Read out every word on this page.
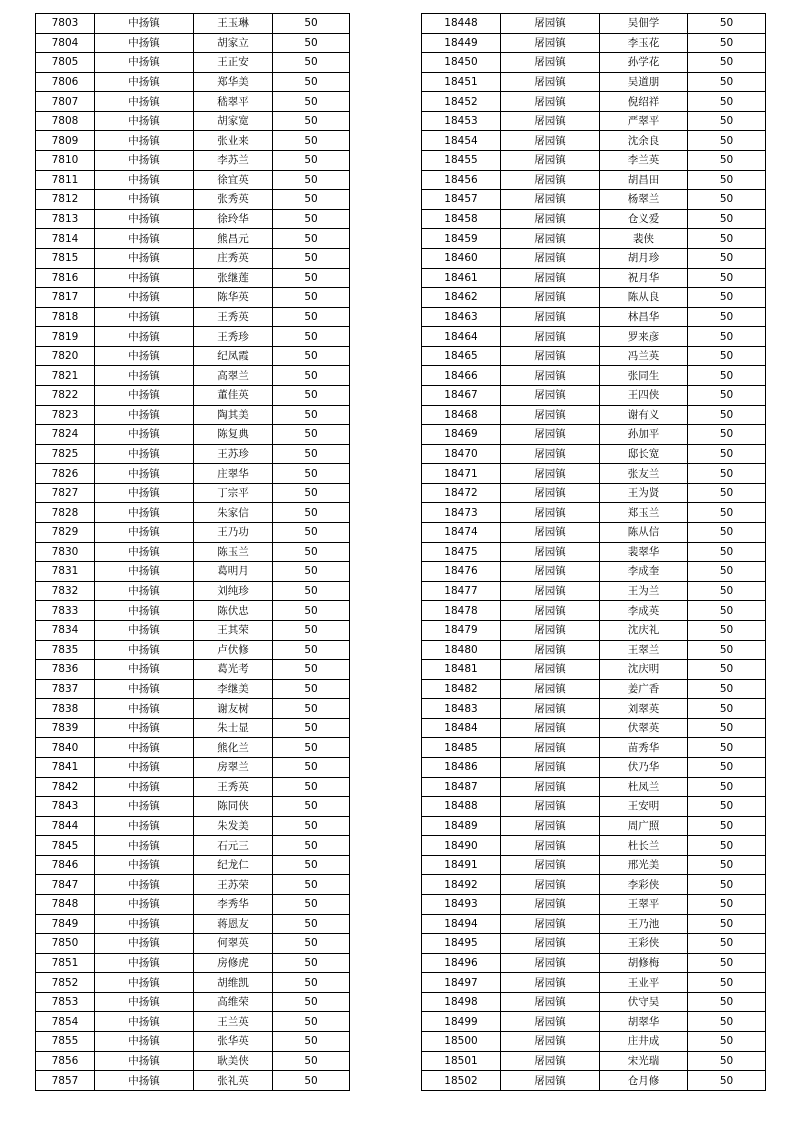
7803	中扬镇	王玉琳	50
7804	中扬镇	胡家立	50
7805	中扬镇	王正安	50
7806	中扬镇	郑华美	50
7807	中扬镇	嵇翠平	50
7808	中扬镇	胡家宽	50
7809	中扬镇	张业来	50
7810	中扬镇	李苏兰	50
7811	中扬镇	徐宜英	50
7812	中扬镇	张秀英	50
7813	中扬镇	徐玲华	50
7814	中扬镇	熊昌元	50
7815	中扬镇	庄秀英	50
7816	中扬镇	张继莲	50
7817	中扬镇	陈华英	50
7818	中扬镇	王秀英	50
7819	中扬镇	王秀珍	50
7820	中扬镇	纪凤霞	50
7821	中扬镇	高翠兰	50
7822	中扬镇	董佳英	50
7823	中扬镇	陶其美	50
7824	中扬镇	陈复典	50
7825	中扬镇	王苏珍	50
7826	中扬镇	庄翠华	50
7827	中扬镇	丁宗平	50
7828	中扬镇	朱家信	50
7829	中扬镇	王乃功	50
7830	中扬镇	陈玉兰	50
7831	中扬镇	葛明月	50
7832	中扬镇	刘纯珍	50
7833	中扬镇	陈伏忠	50
7834	中扬镇	王其荣	50
7835	中扬镇	卢伏修	50
7836	中扬镇	葛光考	50
7837	中扬镇	李继美	50
7838	中扬镇	谢友树	50
7839	中扬镇	朱士显	50
7840	中扬镇	熊化兰	50
7841	中扬镇	房翠兰	50
7842	中扬镇	王秀英	50
7843	中扬镇	陈同侠	50
7844	中扬镇	朱发美	50
7845	中扬镇	石元三	50
7846	中扬镇	纪龙仁	50
7847	中扬镇	王苏荣	50
7848	中扬镇	李秀华	50
7849	中扬镇	蒋恩友	50
7850	中扬镇	何翠英	50
7851	中扬镇	房修虎	50
7852	中扬镇	胡维凯	50
7853	中扬镇	高维荣	50
7854	中扬镇	王兰英	50
7855	中扬镇	张华英	50
7856	中扬镇	耿美侠	50
7857	中扬镇	张礼英	50
18448	屠园镇	吴佃学	50
18449	屠园镇	李玉花	50
18450	屠园镇	孙学花	50
18451	屠园镇	吴道朋	50
18452	屠园镇	倪绍祥	50
18453	屠园镇	严翠平	50
18454	屠园镇	沈余良	50
18455	屠园镇	李兰英	50
18456	屠园镇	胡昌田	50
18457	屠园镇	杨翠兰	50
18458	屠园镇	仓义爱	50
18459	屠园镇	裴侠	50
18460	屠园镇	胡月珍	50
18461	屠园镇	祝月华	50
18462	屠园镇	陈从良	50
18463	屠园镇	林昌华	50
18464	屠园镇	罗来彦	50
18465	屠园镇	冯兰英	50
18466	屠园镇	张同生	50
18467	屠园镇	王四侠	50
18468	屠园镇	谢有义	50
18469	屠园镇	孙加平	50
18470	屠园镇	邸长宽	50
18471	屠园镇	张友兰	50
18472	屠园镇	王为贤	50
18473	屠园镇	郑玉兰	50
18474	屠园镇	陈从信	50
18475	屠园镇	裴翠华	50
18476	屠园镇	李成奎	50
18477	屠园镇	王为兰	50
18478	屠园镇	李成英	50
18479	屠园镇	沈庆礼	50
18480	屠园镇	王翠兰	50
18481	屠园镇	沈庆明	50
18482	屠园镇	姜广香	50
18483	屠园镇	刘翠英	50
18484	屠园镇	伏翠英	50
18485	屠园镇	苗秀华	50
18486	屠园镇	伏乃华	50
18487	屠园镇	杜凤兰	50
18488	屠园镇	王安明	50
18489	屠园镇	周广照	50
18490	屠园镇	杜长兰	50
18491	屠园镇	邢光美	50
18492	屠园镇	李彩侠	50
18493	屠园镇	王翠平	50
18494	屠园镇	王乃池	50
18495	屠园镇	王彩侠	50
18496	屠园镇	胡修梅	50
18497	屠园镇	王业平	50
18498	屠园镇	伏守吴	50
18499	屠园镇	胡翠华	50
18500	屠园镇	庄井成	50
18501	屠园镇	宋光瑞	50
18502	屠园镇	仓月修	50
